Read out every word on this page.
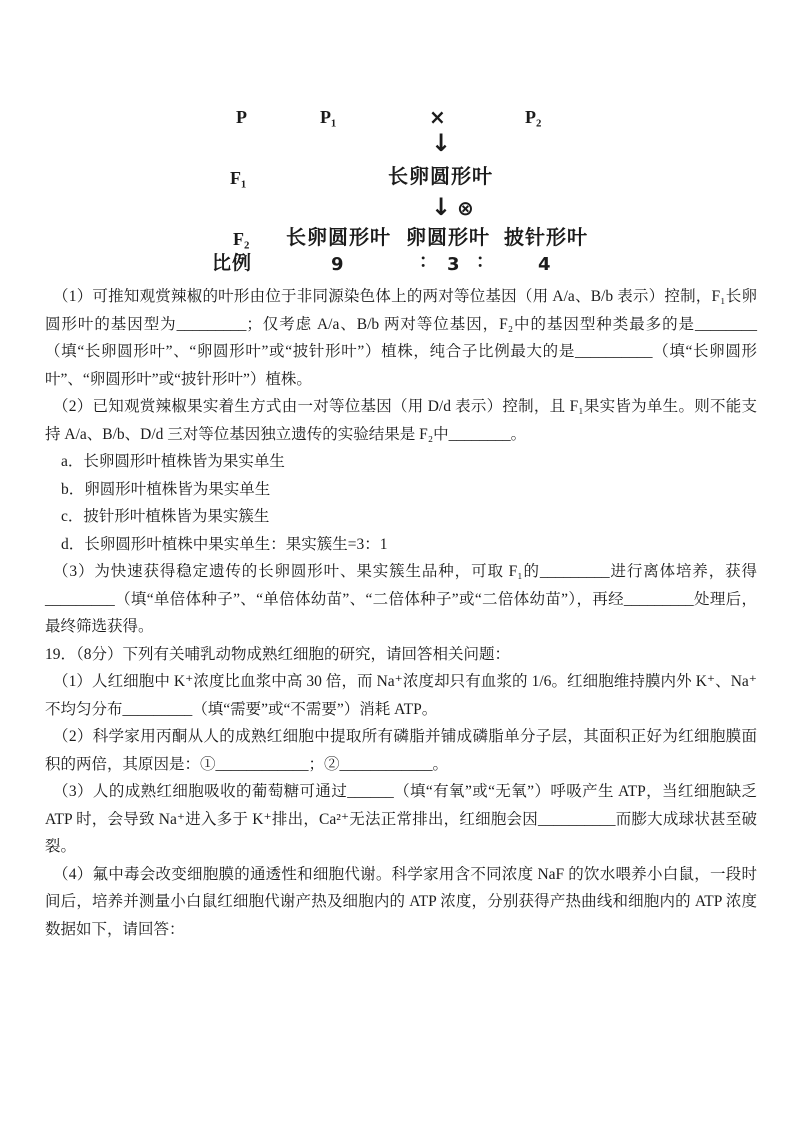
P	P₁	×	P₂
↓
F₁	长卵圆形叶
↓ ⊗
F₂ 长卵圆形叶 卵圆形叶 披针形叶
比例	9	： 3 ： 4

（1）可推知观赏辣椒的叶形由位于非同源染色体上的两对等位基因（用 A/a、B/b 表示）控制，F₁长卵圆形叶的基因型为_________；仅考虑 A/a、B/b 两对等位基因，F₂中的基因型种类最多的是________（填“长卵圆形叶”、“卵圆形叶”或“披针形叶”）植株，纯合子比例最大的是__________（填“长卵圆形叶”、“卵圆形叶”或“披针形叶”）植株。

（2）已知观赏辣椒果实着生方式由一对等位基因（用 D/d 表示）控制，且 F₁果实皆为单生。则不能支持 A/a、B/b、D/d 三对等位基因独立遗传的实验结果是 F₂中________。

a．长卵圆形叶植株皆为果实单生

b．卵圆形叶植株皆为果实单生

c．披针形叶植株皆为果实簇生

d．长卵圆形叶植株中果实单生：果实簇生=3：1

（3）为快速获得稳定遗传的长卵圆形叶、果实簇生品种，可取 F₁的_________进行离体培养，获得_________（填“单倍体种子”、“单倍体幼苗”、“二倍体种子”或“二倍体幼苗”），再经_________处理后，最终筛选获得。

19．（8分）下列有关哺乳动物成熟红细胞的研究，请回答相关问题：

（1）人红细胞中 K⁺浓度比血浆中高 30 倍，而 Na⁺浓度却只有血浆的 1/6。红细胞维持膜内外 K⁺、Na⁺不均匀分布_________（填“需要”或“不需要”）消耗 ATP。

（2）科学家用丙酮从人的成熟红细胞中提取所有磷脂并铺成磷脂单分子层，其面积正好为红细胞膜面积的两倍，其原因是：①____________；②____________。

（3）人的成熟红细胞吸收的葡萄糖可通过______（填“有氧”或“无氧”）呼吸产生 ATP，当红细胞缺乏 ATP 时，会导致 Na⁺进入多于 K⁺排出，Ca²⁺无法正常排出，红细胞会因__________而膨大成球状甚至破裂。

（4）氟中毒会改变细胞膜的通透性和细胞代谢。科学家用含不同浓度 NaF 的饮水喂养小白鼠，一段时间后，培养并测量小白鼠红细胞代谢产热及细胞内的 ATP 浓度，分别获得产热曲线和细胞内的 ATP 浓度数据如下，请回答：
